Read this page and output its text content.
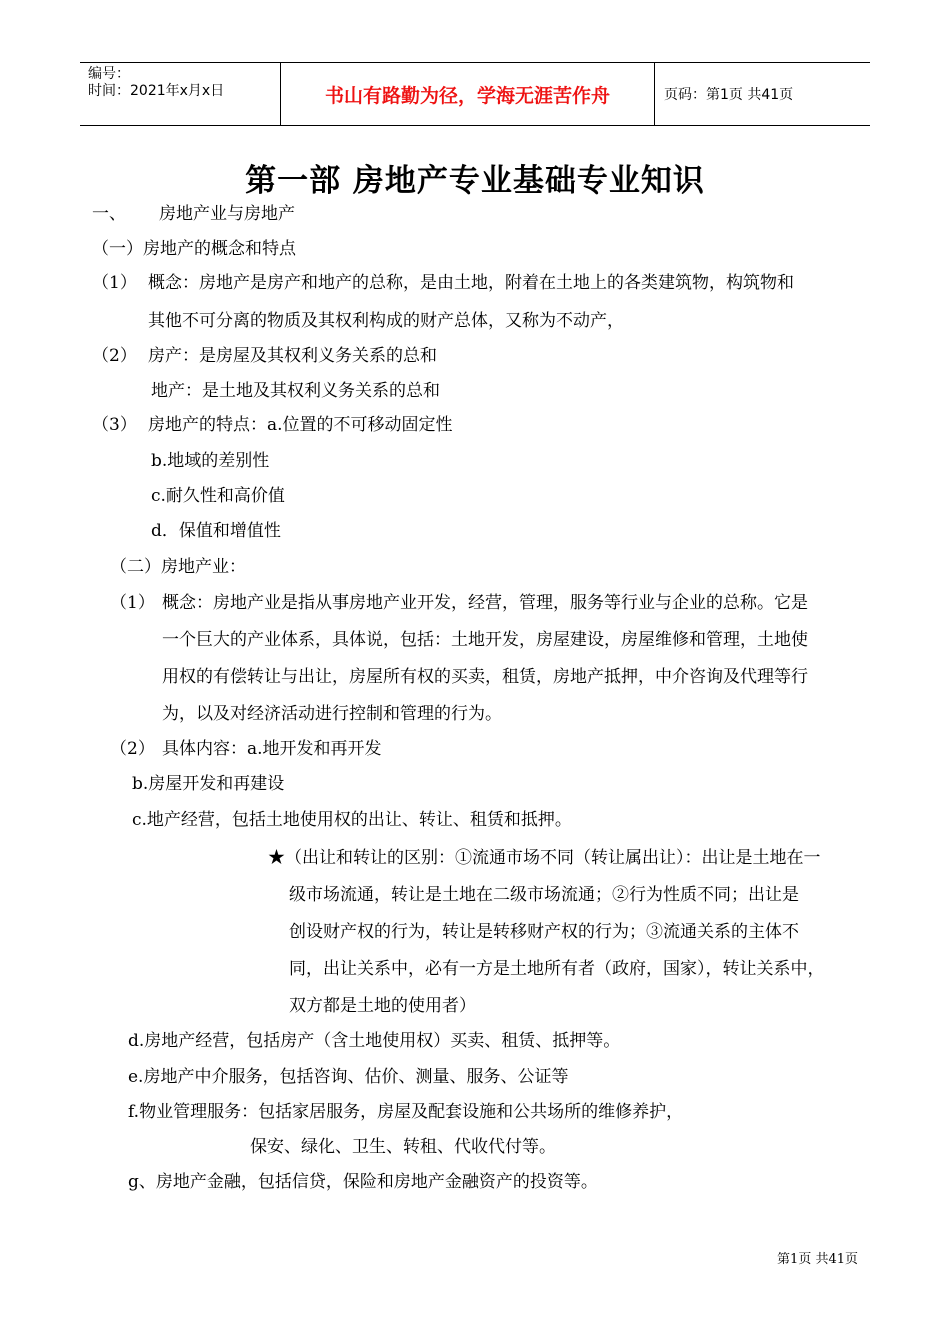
编号：
时间：2021年x月x日	书山有路勤为径，学海无涯苦作舟	页码：第1页 共41页
第一部 房地产专业基础专业知识
一、 房地产业与房地产
（一）房地产的概念和特点
（1） 概念：房地产是房产和地产的总称，是由土地，附着在土地上的各类建筑物，构筑物和
其他不可分离的物质及其权利构成的财产总体，又称为不动产，
（2） 房产：是房屋及其权利义务关系的总和
地产：是土地及其权利义务关系的总和
（3） 房地产的特点：a.位置的不可移动固定性
b.地域的差别性
c.耐久性和高价值
d．保值和增值性
（二）房地产业：
（1） 概念：房地产业是指从事房地产业开发，经营，管理，服务等行业与企业的总称。它是
一个巨大的产业体系，具体说，包括：土地开发，房屋建设，房屋维修和管理，土地使
用权的有偿转让与出让，房屋所有权的买卖，租赁，房地产抵押，中介咨询及代理等行
为，以及对经济活动进行控制和管理的行为。
（2） 具体内容：a.地开发和再开发
b.房屋开发和再建设
c.地产经营，包括土地使用权的出让、转让、租赁和抵押。
★（出让和转让的区别：①流通市场不同（转让属出让）：出让是土地在一
级市场流通，转让是土地在二级市场流通；②行为性质不同；出让是
创设财产权的行为，转让是转移财产权的行为；③流通关系的主体不
同，出让关系中，必有一方是土地所有者（政府，国家），转让关系中，
双方都是土地的使用者）
d.房地产经营，包括房产（含土地使用权）买卖、租赁、抵押等。
e.房地产中介服务，包括咨询、估价、测量、服务、公证等
f.物业管理服务：包括家居服务，房屋及配套设施和公共场所的维修养护，
保安、绿化、卫生、转租、代收代付等。
g、房地产金融，包括信贷，保险和房地产金融资产的投资等。
第1页 共41页
